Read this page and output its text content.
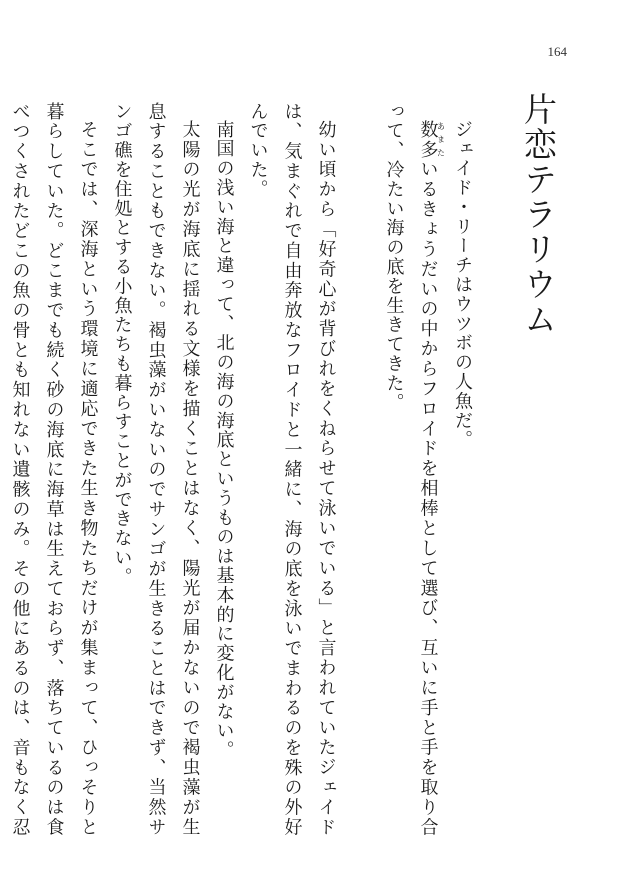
164
片恋テラリウム

ジェイド・リーチはウツボの人魚だ。

数多あまたいるきょうだいの中からフロイドを相棒として選び、互いに手と手を取り合って、冷たい海の底を生きてきた。

幼い頃から「好奇心が背びれをくねらせて泳いでいる」と言われていたジェイドは、気まぐれで自由奔放なフロイドと一緒に、海の底を泳いでまわるのを殊の外好んでいた。

南国の浅い海と違って、北の海の海底というものは基本的に変化がない。

太陽の光が海底に揺れる文様を描くことはなく、陽光が届かないので褐虫藻が生息することもできない。褐虫藻がいないのでサンゴが生きることはできず、当然サンゴ礁を住処とする小魚たちも暮らすことができない。

そこでは、深海という環境に適応できた生き物たちだけが集まって、ひっそりと暮らしていた。どこまでも続く砂の海底に海草は生えておらず、落ちているのは食べつくされたどこの魚の骨とも知れない遺骸のみ。その他にあるのは、音もなく忍
